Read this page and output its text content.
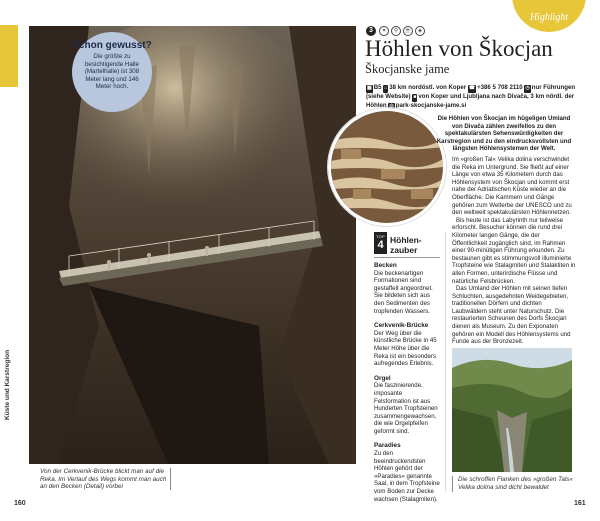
Küste und Karstregion
Schon gewusst?
Die größte zu besichtigende Halle (Martelhalle) ist 308 Meter lang und 146 Meter hoch.
Von der Cerkvenik-Brücke blickt man auf die Reka. Im Verlauf des Wegs kommt man auch an den Becken (Detail) vorbei
160
Highlight
3	✦	⚲	☕	◈
Höhlen von Škocjan
Škocjanske jame
▦ B5 ⌂ 38 km nordöstl. von Koper ☎ +386 5 708 2110 ◷ nur Führungen (siehe Website) ■ von Koper und Ljubljana nach Divača, 3 km nördl. der Höhlen ◎ park-skocjanske-jame.si
Die Höhlen von Škocjan im hügeligen Umland von Divača zählen zweifellos zu den spektakulärsten Sehenswürdigkeiten der Karstregion und zu den eindrucksvollsten und längsten Höhlensystemen der Welt.

Im »großen Tal« Velika dolina verschwindet die Reka im Untergrund. Sie fließt auf einer Länge von etwa 35 Kilometern durch das Höhlensystem von Škocjan und kommt erst nahe der Adriatischen Küste wieder an die Oberfläche. Die Kammern und Gänge gehören zum Welterbe der UNESCO und zu den weltweit spektakulärsten Höhlennetzen.

Bis heute ist das Labyrinth nur teilweise erforscht. Besucher können die rund drei Kilometer langen Gänge, die der Öffentlichkeit zugänglich sind, im Rahmen einer 90-minütigen Führung erkunden. Zu bestaunen gibt es stimmungsvoll illuminierte Tropfsteine wie Stalagmiten und Stalaktiten in allen Formen, unterirdische Flüsse und natürliche Felsbrücken.

Das Umland der Höhlen mit seinen tiefen Schluchten, ausgedehnten Weidegebieten, traditionellen Dörfern und dichten Laubwäldern steht unter Naturschutz. Die restaurierten Scheunen des Dorfs Škocjan dienen als Museum. Zu den Exponaten gehören ein Modell des Höhlensystems und Funde aus der Bronzezeit.

TOP
4 Höhlen-
zauber
Becken

Die beckenartigen Formationen sind gestaffelt angeordnet. Sie bildeten sich aus den Sedimenten des tropfenden Wassers.

Cerkvenik-Brücke

Der Weg über die künstliche Brücke in 45 Meter Höhe über die Reka ist ein besonders aufregendes Erlebnis.

Orgel

Die faszinierende, imposante Felsformation ist aus Hunderten Tropfsteinen zusammengewachsen, die wie Orgelpfeifen geformt sind.

Paradies

Zu den beeindruckendsten Höhlen gehört der »Paradies« genannte Saal, in dem Tropfsteine vom Boden zur Decke wachsen (Stalagmiten).

Die schroffen Flanken des »großen Tals« Velika dolina sind dicht bewaldet
161
